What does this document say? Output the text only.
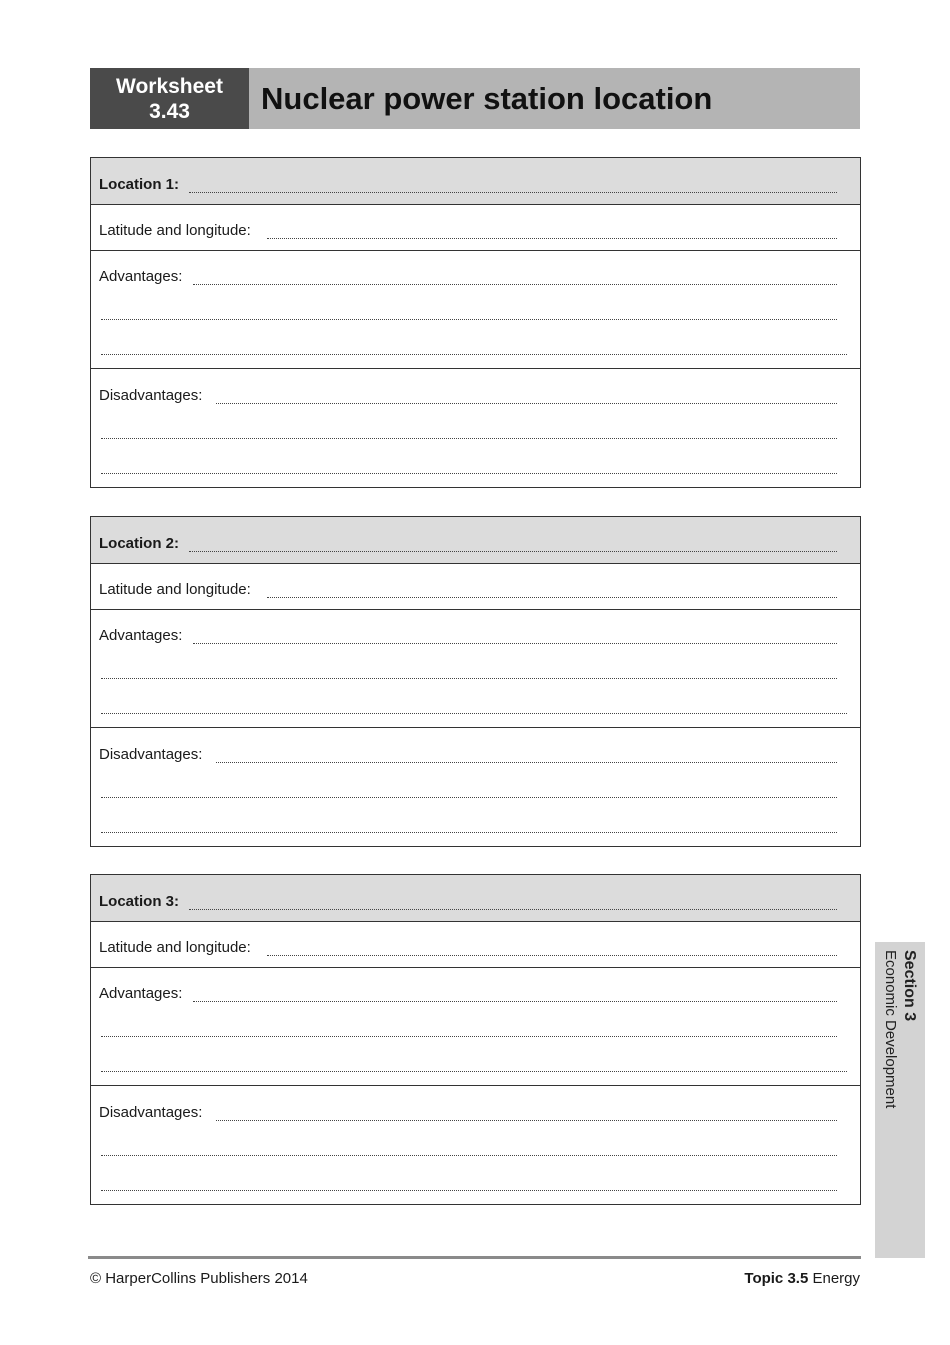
Worksheet
3.43	Nuclear power station location
Location 1:
Latitude and longitude:
Advantages:
Disadvantages:
Location 2:
Latitude and longitude:
Advantages:
Disadvantages:
Location 3:
Latitude and longitude:
Advantages:
Disadvantages:
Section 3
Economic Development
© HarperCollins Publishers 2014	Topic 3.5 Energy
